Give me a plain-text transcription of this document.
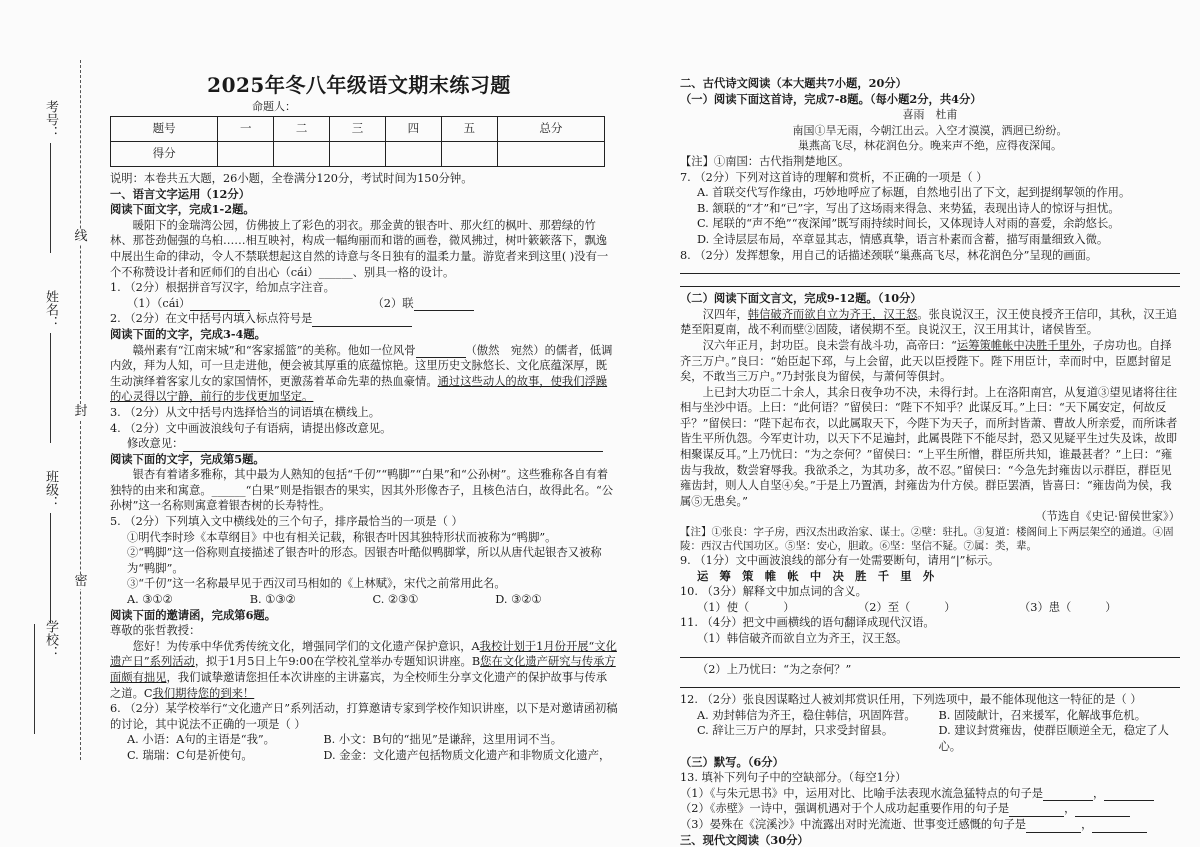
线
封
密
考号：
姓名：
班级：
学校：
2025年冬八年级语文期末练习题
命题人：
题号	一	二	三	四	五	总分
得分						

说明：本卷共五大题，26小题，全卷满分120分，考试时间为150分钟。

一、语言文字运用（12分）

阅读下面文字，完成1-2题。

暖阳下的金瑞湾公园，仿佛披上了彩色的羽衣。那金黄的银杏叶、那火红的枫叶、那碧绿的竹林、那苍劲倔强的乌桕……相互映衬，构成一幅绚丽而和谐的画卷，微风拂过，树叶簌簌落下，飘逸中展出生命的律动，令人不禁联想起这自然的诗意与冬日独有的温柔力量。游览者来到这里( )没有一个不称赞设计者和匠师们的自出心（cái）______、别具一格的设计。

1. （2分）根据拼音写汉字，给加点字注音。

（1）（cái）	（2）联

2. （2分）在文中括号内填入标点符号是

阅读下面的文字，完成3-4题。

赣州素有“江南宋城”和“客家摇篮”的美称。他如一位风骨	（傲然　宛然）的儒者，低调内敛，拜为人知，可一旦走进他，便会被其厚重的底蕴惊艳。这里历史文脉悠长、文化底蕴深厚，既生动演绎着客家儿女的家国情怀，更激荡着革命先辈的热血豪情。通过这些动人的故事，使我们浮躁的心灵得以宁静，前行的步伐更加坚定。

3. （2分）从文中括号内选择恰当的词语填在横线上。

4. （2分）文中画波浪线句子有语病，请提出修改意见。

修改意见：

阅读下面的文字，完成第5题。

银杏有着诸多雅称，其中最为人熟知的包括“千仞”“鸭脚”“白果”和“公孙树”。这些雅称各自有着独特的由来和寓意。______“白果”则是指银杏的果实，因其外形像杏子，且核色洁白，故得此名。“公孙树”这一名称则寓意着银杏树的长寿特性。

5. （2分）下列填入文中横线处的三个句子，排序最恰当的一项是（ ）

①明代李时珍《本草纲目》中也有相关记载，称银杏叶因其独特形状而被称为“鸭脚”。

②“鸭脚”这一俗称则直接描述了银杏叶的形态。因银杏叶酷似鸭脚掌，所以从唐代起银杏又被称为“鸭脚”。

③“千仞”这一名称最早见于西汉司马相如的《上林赋》，宋代之前常用此名。

A. ③①②	B. ①③②	C. ②③①	D. ③②①

阅读下面的邀请函，完成第6题。

尊敬的张哲教授：

您好！为传承中华优秀传统文化，增强同学们的文化遗产保护意识，A我校计划于1月份开展“文化遗产日”系列活动，拟于1月5日上午9:00在学校礼堂举办专题知识讲座。B您在文化遗产研究与传承方面颇有拙见，我们诚挚邀请您担任本次讲座的主讲嘉宾，为全校师生分享文化遗产的保护故事与传承之道。C我们期待您的到来！

6. （2分）某学校举行“文化遗产日”系列活动，打算邀请专家到学校作知识讲座，以下是对邀请函初稿的讨论，其中说法不正确的一项是（ ）

A. 小语：A句的主语是“我”。	B. 小文：B句的“拙见”是谦辞，这里用词不当。
C. 瑞瑞：C句是祈使句。	D. 金金：文化遗产包括物质文化遗产和非物质文化遗产，

二、古代诗文阅读（本大题共7小题，20分）

（一）阅读下面这首诗，完成7-8题。（每小题2分，共4分）

喜雨　杜甫

南国①旱无雨，今朝江出云。入空才漠漠，洒迥已纷纷。

巢燕高飞尽，林花润色分。晚来声不绝，应得夜深闻。

【注】①南国：古代指荆楚地区。

7. （2分）下列对这首诗的理解和赏析，不正确的一项是（ ）

A. 首联交代写作缘由，巧妙地呼应了标题，自然地引出了下文，起到提纲挈领的作用。

B. 颔联的“才”和“已”字，写出了这场雨来得急、来势猛，表现出诗人的惊讶与担忧。

C. 尾联的“声不绝”“夜深闻”既写雨持续时间长，又体现诗人对雨的喜爱，余韵悠长。

D. 全诗层层布局，卒章显其志，情感真挚，语言朴素而含蓄，描写雨量细致入微。

8. （2分）发挥想象，用自己的话描述颈联“巢燕高飞尽，林花润色分”呈现的画面。

（二）阅读下面文言文，完成9-12题。（10分）

汉四年，韩信破齐而欲自立为齐王，汉王怒。张良说汉王，汉王使良授齐王信印，其秋，汉王追楚至阳夏南，战不利而壁②固陵，诸侯期不至。良说汉王，汉王用其计，诸侯皆至。

汉六年正月，封功臣。良未尝有战斗功，高帝曰：“运筹策帷帐中决胜千里外，子房功也。自择齐三万户。”良曰：“始臣起下邳，与上会留，此天以臣授陛下。陛下用臣计，幸而时中，臣愿封留足矣，不敢当三万户。”乃封张良为留侯，与萧何等俱封。

上已封大功臣二十余人，其余日夜争功不决，未得行封。上在洛阳南宫，从复道③望见诸将往往相与坐沙中语。上曰：“此何语？”留侯曰：“陛下不知乎？此谋反耳。”上曰：“天下属安定，何故反乎？”留侯曰：“陛下起布衣，以此属取天下，今陛下为天子，而所封皆萧、曹故人所亲爱，而所诛者皆生平所仇怨。今军吏计功，以天下不足遍封，此属畏陛下不能尽封，恐又见疑平生过失及诛，故即相聚谋反耳。”上乃忧曰：“为之奈何？”留侯曰：“上平生所憎，群臣所共知，谁最甚者？”上曰：“雍齿与我故，数尝窘辱我。我欲杀之，为其功多，故不忍。”留侯曰：“今急先封雍齿以示群臣，群臣见雍齿封，则人人自坚④矣。”于是上乃置酒，封雍齿为什方侯。群臣罢酒，皆喜曰：“雍齿尚为侯，我属⑤无患矣。”

（节选自《史记·留侯世家》）

【注】①张良：字子房，西汉杰出政治家、谋士。②壁：驻扎。③复道：楼阁间上下两层架空的通道。④固陵：西汉古代国功区。⑤坚：安心，胆敢。⑥坚：坚信不疑。⑦属：类，辈。

9. （1分）文中画波浪线的部分有一处需要断句，请用“|”标示。

运　筹　策　帷　帐　中　决　胜　千　里　外

10. （3分）解释文中加点词的含义。

（1）使（　　　）	（2）至（　　　）	（3）患（　　　）

11. （4分）把文中画横线的语句翻译成现代汉语。

（1）韩信破齐而欲自立为齐王，汉王怒。

（2）上乃忧曰：“为之奈何？”

12. （2分）张良因谋略过人被刘邦赏识任用，下列选项中，最不能体现他这一特征的是（ ）

A. 劝封韩信为齐王，稳住韩信，巩固阵营。	B. 固陵献计，召来援军，化解战事危机。
C. 辞让三万户的厚封，只求受封留县。	D. 建议封赏雍齿，使群臣顺逆全无，稳定了人心。

（三）默写。（6分）

13. 填补下列句子中的空缺部分。（每空1分）

（1）《与朱元思书》中，运用对比、比喻手法表现水流急猛特点的句子是	，

（2）《赤壁》一诗中，强调机遇对于个人成功起重要作用的句子是	，

（3）晏殊在《浣溪沙》中流露出对时光流逝、世事变迁感慨的句子是	，

三、现代文阅读（30分）
